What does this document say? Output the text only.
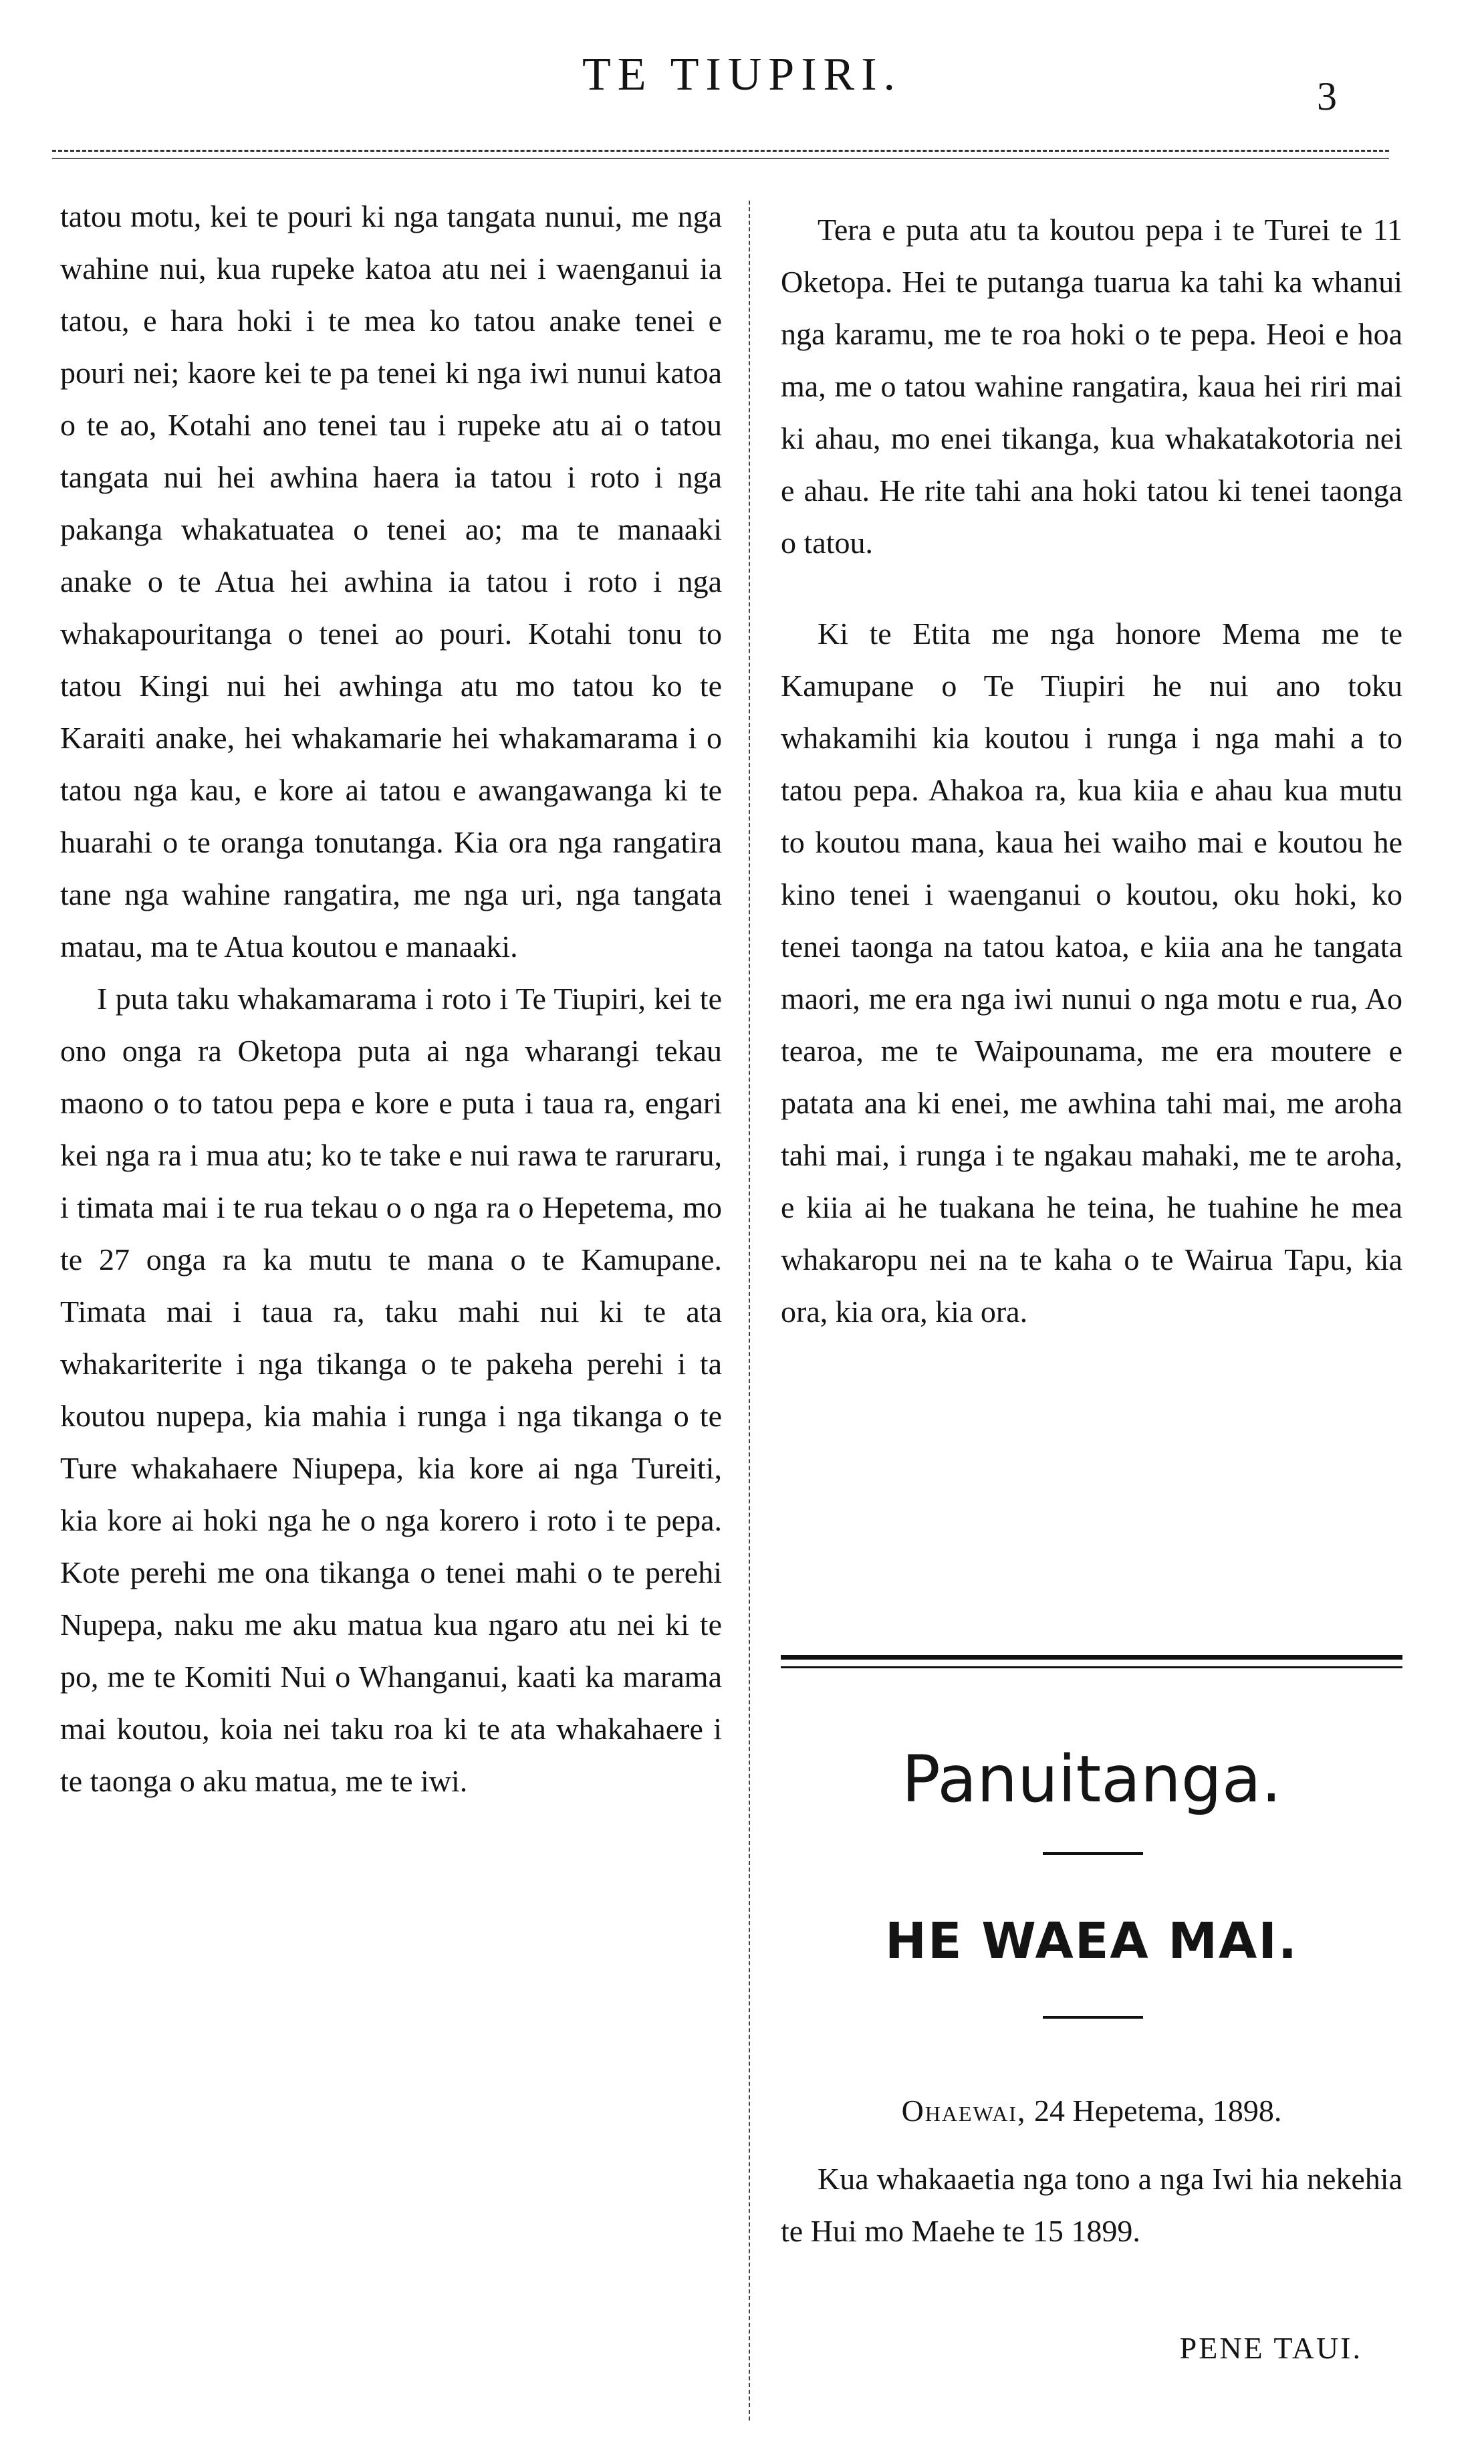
TE TIUPIRI.	3

tatou motu, kei te pouri ki nga tangata nunui, me nga wahine nui, kua rupeke katoa atu nei i waenganui ia tatou, e hara hoki i te mea ko tatou anake tenei e pouri nei; kaore kei te pa tenei ki nga iwi nunui katoa o te ao, Kotahi ano tenei tau i rupeke atu ai o tatou tangata nui hei awhina haera ia tatou i roto i nga pakanga whakatuatea o tenei ao; ma te manaaki anake o te Atua hei awhina ia tatou i roto i nga whakapouritanga o tenei ao pouri. Kotahi tonu to tatou Kingi nui hei awhinga atu mo tatou ko te Karaiti anake, hei whakamarie hei whakamarama i o tatou nga kau, e kore ai tatou e awangawanga ki te huarahi o te oranga tonutanga. Kia ora nga rangatira tane nga wahine rangatira, me nga uri, nga tangata matau, ma te Atua koutou e manaaki.

I puta taku whakamarama i roto i Te Tiupiri, kei te ono onga ra Oketopa puta ai nga wharangi tekau maono o to tatou pepa e kore e puta i taua ra, engari kei nga ra i mua atu; ko te take e nui rawa te raruraru, i timata mai i te rua tekau o o nga ra o Hepetema, mo te 27 onga ra ka mutu te mana o te Kamupane. Timata mai i taua ra, taku mahi nui ki te ata whakariterite i nga tikanga o te pakeha perehi i ta koutou nupepa, kia mahia i runga i nga tikanga o te Ture whakahaere Niupepa, kia kore ai nga Tureiti, kia kore ai hoki nga he o nga korero i roto i te pepa. Kote perehi me ona tikanga o tenei mahi o te perehi Nupepa, naku me aku matua kua ngaro atu nei ki te po, me te Komiti Nui o Whanganui, kaati ka marama mai koutou, koia nei taku roa ki te ata whakahaere i te taonga o aku matua, me te iwi.

Tera e puta atu ta koutou pepa i te Turei te 11 Oketopa. Hei te putanga tuarua ka tahi ka whanui nga karamu, me te roa hoki o te pepa. Heoi e hoa ma, me o tatou wahine rangatira, kaua hei riri mai ki ahau, mo enei tikanga, kua whakatakotoria nei e ahau. He rite tahi ana hoki tatou ki tenei taonga o tatou.

Ki te Etita me nga honore Mema me te Kamupane o Te Tiupiri he nui ano toku whakamihi kia koutou i runga i nga mahi a to tatou pepa. Ahakoa ra, kua kiia e ahau kua mutu to koutou mana, kaua hei waiho mai e koutou he kino tenei i waenganui o koutou, oku hoki, ko tenei taonga na tatou katoa, e kiia ana he tangata maori, me era nga iwi nunui o nga motu e rua, Ao tearoa, me te Waipounama, me era moutere e patata ana ki enei, me awhina tahi mai, me aroha tahi mai, i runga i te ngakau mahaki, me te aroha, e kiia ai he tuakana he teina, he tuahine he mea whakaropu nei na te kaha o te Wairua Tapu, kia ora, kia ora, kia ora.

Panuitanga.
HE WAEA MAI.
Ohaewai, 24 Hepetema, 1898.
Kua whakaaetia nga tono a nga Iwi hia nekehia te Hui mo Maehe te 15 1899.
PENE TAUI.
